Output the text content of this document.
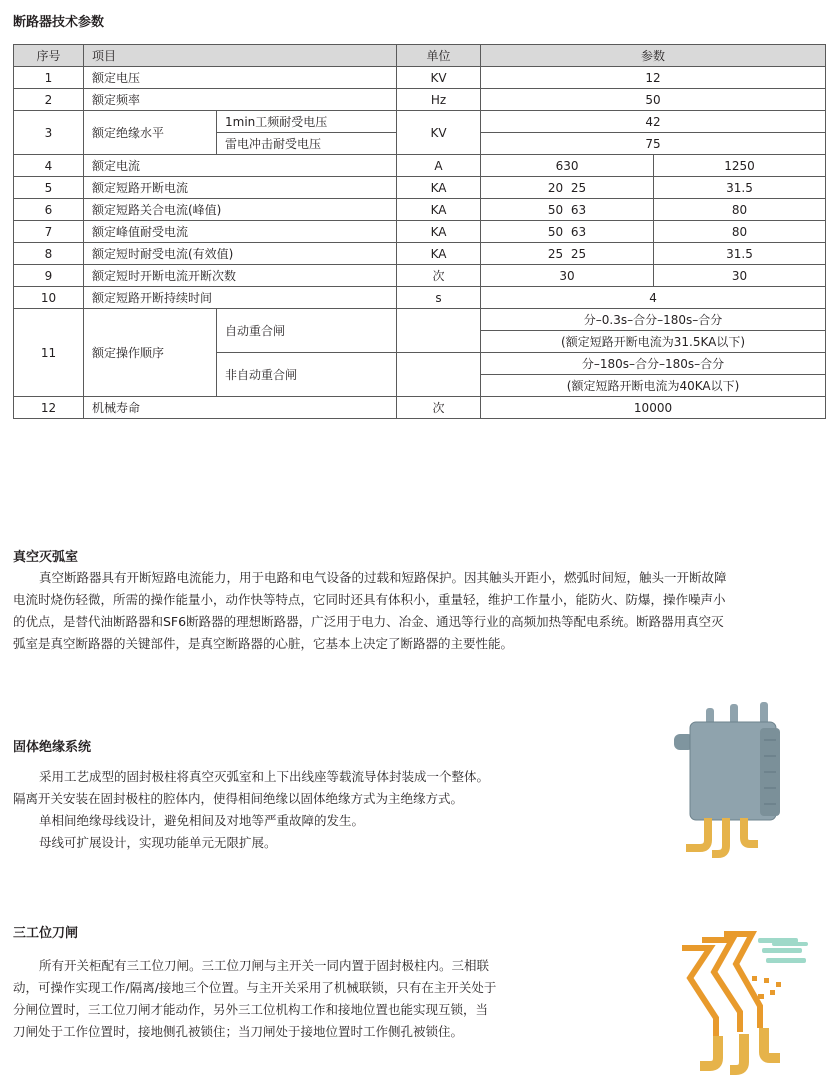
断路器技术参数
序号	项目		单位	参数	
1	额定电压		KV	12	
2	额定频率		Hz	50	
3	额定绝缘水平	1min工频耐受电压	KV	42	
		雷电冲击耐受电压		75	
4	额定电流		A	630	1250
5	额定短路开断电流		KA	20  25	31.5
6	额定短路关合电流(峰值)		KA	50  63	80
7	额定峰值耐受电流		KA	50  63	80
8	额定短时耐受电流(有效值)		KA	25  25	31.5
9	额定短时开断电流开断次数		次	30	30
10	额定短路开断持续时间		s	4	
11	额定操作顺序	自动重合闸		分–0.3s–合分–180s–合分	
				(额定短路开断电流为31.5KA以下)	
		非自动重合闸		分–180s–合分–180s–合分	
				(额定短路开断电流为40KA以下)	
12	机械寿命		次	10000	
真空灭弧室

真空断路器具有开断短路电流能力，用于电路和电气设备的过载和短路保护。因其触头开距小，燃弧时间短，触头一开断故障
电流时烧伤轻微，所需的操作能量小，动作快等特点，它同时还具有体积小，重量轻，维护工作量小，能防火、防爆，操作噪声小
的优点，是替代油断路器和SF6断路器的理想断路器，广泛用于电力、冶金、通迅等行业的高频加热等配电系统。断路器用真空灭
弧室是真空断路器的关键部件，是真空断路器的心脏，它基本上决定了断路器的主要性能。

固体绝缘系统

采用工艺成型的固封极柱将真空灭弧室和上下出线座等载流导体封装成一个整体。
隔离开关安装在固封极柱的腔体内，使得相间绝缘以固体绝缘方式为主绝缘方式。
单相间绝缘母线设计，避免相间及对地等严重故障的发生。
母线可扩展设计，实现功能单元无限扩展。

三工位刀闸

所有开关柜配有三工位刀闸。三工位刀闸与主开关一同内置于固封极柱内。三相联
动，可操作实现工作/隔离/接地三个位置。与主开关采用了机械联锁，只有在主开关处于
分闸位置时，三工位刀闸才能动作，另外三工位机构工作和接地位置也能实现互锁，当
刀闸处于工作位置时，接地侧孔被锁住；当刀闸处于接地位置时工作侧孔被锁住。
